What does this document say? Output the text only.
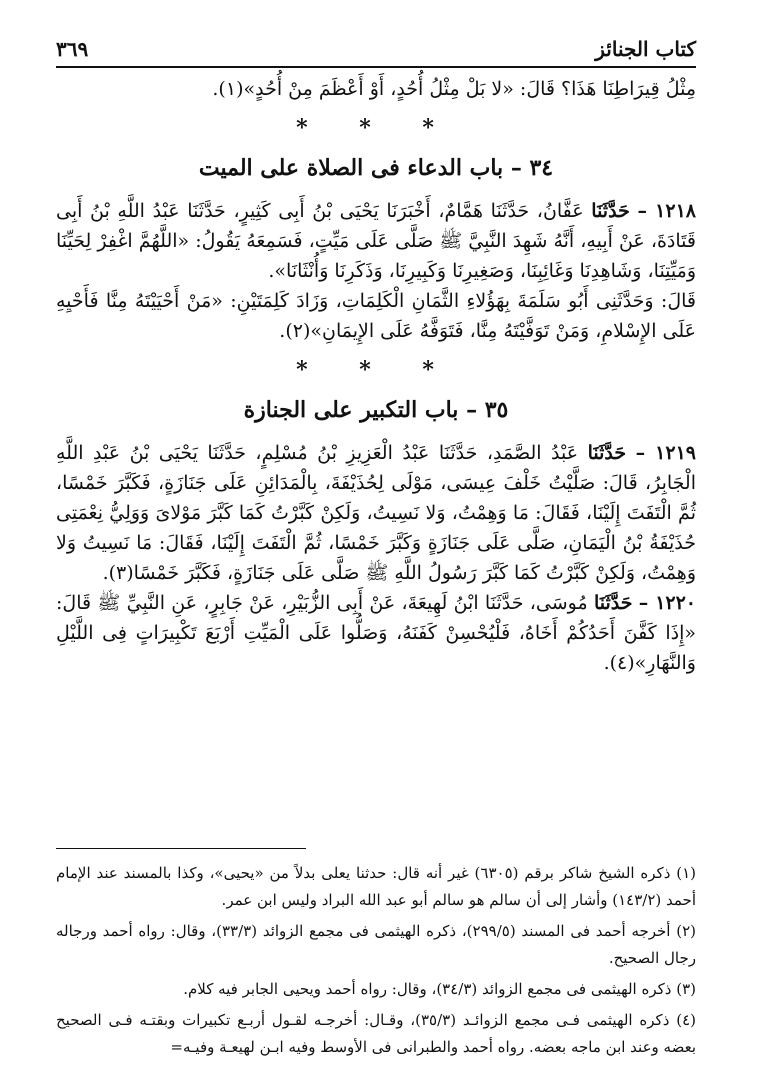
كتاب الجنائز
٣٦٩

مِثْلُ قِيرَاطِنَا هَذَا؟ قَالَ: «لا بَلْ مِثْلُ أُحُدٍ، أَوْ أَعْظَمَ مِنْ أُحُدٍ»(١).

* * *
٣٤ – باب الدعاء فى الصلاة على الميت

١٢١٨ – حَدَّثَنَا عَفَّانُ، حَدَّثَنَا هَمَّامٌ، أَخْبَرَنَا يَحْيَى بْنُ أَبِى كَثِيرٍ، حَدَّثَنَا عَبْدُ اللَّهِ بْنُ أَبِى قَتَادَةَ، عَنْ أَبِيهِ، أَنَّهُ شَهِدَ النَّبِيَّ ﷺ صَلَّى عَلَى مَيِّتٍ، فَسَمِعَهُ يَقُولُ: «اللَّهُمَّ اغْفِرْ لِحَيِّنَا وَمَيِّتِنَا، وَشَاهِدِنَا وَغَائِبِنَا، وَصَغِيرِنَا وَكَبِيرِنَا، وَذَكَرِنَا وَأُنْثَانَا».

قَالَ: وَحَدَّثَنِى أَبُو سَلَمَةَ بِهَؤُلاءِ الثَّمَانِ الْكَلِمَاتِ، وَزَادَ كَلِمَتَيْنِ: «مَنْ أَحْيَيْتَهُ مِنَّا فَأَحْيِهِ عَلَى الإِسْلامِ، وَمَنْ تَوَفَّيْتَهُ مِنَّا، فَتَوَفَّهُ عَلَى الإِيمَانِ»(٢).

* * *
٣٥ – باب التكبير على الجنازة

١٢١٩ – حَدَّثَنَا عَبْدُ الصَّمَدِ، حَدَّثَنَا عَبْدُ الْعَزِيزِ بْنُ مُسْلِمٍ، حَدَّثَنَا يَحْيَى بْنُ عَبْدِ اللَّهِ الْجَابِرُ، قَالَ: صَلَّيْتُ خَلْفَ عِيسَى، مَوْلَى لِحُذَيْفَةَ، بِالْمَدَائِنِ عَلَى جَنَازَةٍ، فَكَبَّرَ خَمْسًا، ثُمَّ الْتَفَتَ إِلَيْنَا، فَقَالَ: مَا وَهِمْتُ، وَلا نَسِيتُ، وَلَكِنْ كَبَّرْتُ كَمَا كَبَّرَ مَوْلاىَ وَوَلِيُّ نِعْمَتِى حُذَيْفَةُ بْنُ الْيَمَانِ، صَلَّى عَلَى جَنَازَةٍ وَكَبَّرَ خَمْسًا، ثُمَّ الْتَفَتَ إِلَيْنَا، فَقَالَ: مَا نَسِيتُ وَلا وَهِمْتُ، وَلَكِنْ كَبَّرْتُ كَمَا كَبَّرَ رَسُولُ اللَّهِ ﷺ صَلَّى عَلَى جَنَازَةٍ، فَكَبَّرَ خَمْسًا(٣).

١٢٢٠ – حَدَّثَنَا مُوسَى، حَدَّثَنَا ابْنُ لَهِيعَةَ، عَنْ أَبِى الزُّبَيْرِ، عَنْ جَابِرٍ، عَنِ النَّبِيِّ ﷺ قَالَ: «إِذَا كَفَّنَ أَحَدُكُمْ أَخَاهُ، فَلْيُحْسِنْ كَفَنَهُ، وَصَلُّوا عَلَى الْمَيِّتِ أَرْبَعَ تَكْبِيرَاتٍ فِى اللَّيْلِ وَالنَّهَارِ»(٤).

(١) ذكره الشيخ شاكر برقم (٦٣٠٥) غير أنه قال: حدثنا يعلى بدلاً من «يحيى»، وكذا بالمسند عند الإمام أحمد (١٤٣/٢) وأشار إلى أن سالم هو سالم أبو عبد الله البراد وليس ابن عمر.

(٢) أخرجه أحمد فى المسند (٢٩٩/٥)، ذكره الهيثمى فى مجمع الزوائد (٣٣/٣)، وقال: رواه أحمد ورجاله رجال الصحيح.

(٣) ذكره الهيثمى فى مجمع الزوائد (٣٤/٣)، وقال: رواه أحمد ويحيى الجابر فيه كلام.

(٤) ذكره الهيثمى فـى مجمع الزوائـد (٣٥/٣)، وقـال: أخرجـه لقـول أربـع تكبيرات وبقتـه فـى الصحيح بعضه وعند ابن ماجه بعضه. رواه أحمد والطبرانى فى الأوسط وفيه ابـن لهيعـة وفيـه=
